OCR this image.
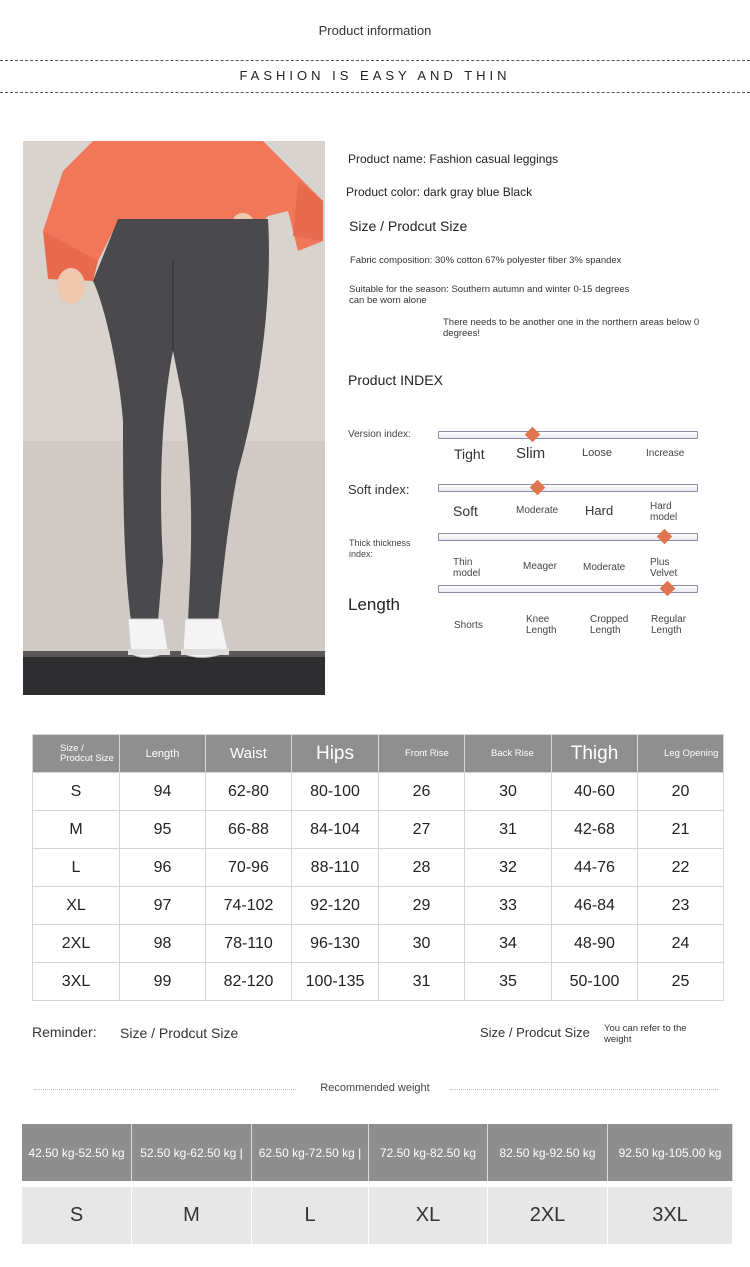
Product information
FASHION IS EASY AND THIN
Product name: Fashion casual leggings
Product color: dark gray blue Black
Size / Prodcut Size
Fabric composition: 30% cotton 67% polyester fiber 3% spandex
Suitable for the season: Southern autumn and winter 0-15 degrees
can be worn alone
There needs to be another one in the northern areas below 0
degrees!
Product INDEX
Version index:
Tight Slim	Loose	Increase
Soft index:
Soft	Moderate Hard	Hard model
Thick thickness index:
Thin model
Meager	Moderate Plus Velvet
Length
Shorts
Knee Length
Cropped Length
Regular Length
Size / Prodcut Size	Length	Waist	Hips	Front Rise	Back Rise	Thigh	Leg Opening
S	94	62-80	80-100	26	30	40-60	20
M	95	66-88	84-104	27	31	42-68	21
L	96	70-96	88-110	28	32	44-76	22
XL	97	74-102	92-120	29	33	46-84	23
2XL	98	78-110	96-130	30	34	48-90	24
3XL	99	82-120	100-135	31	35	50-100	25
Reminder: Size / Prodcut Size	Size / Prodcut Size You can refer to the weight
Recommended weight
42.50 kg-52.50 kg	52.50 kg-62.50 kg |	62.50 kg-72.50 kg |	72.50 kg-82.50 kg	82.50 kg-92.50 kg	92.50 kg-105.00 kg
S	M	L	XL	2XL	3XL
